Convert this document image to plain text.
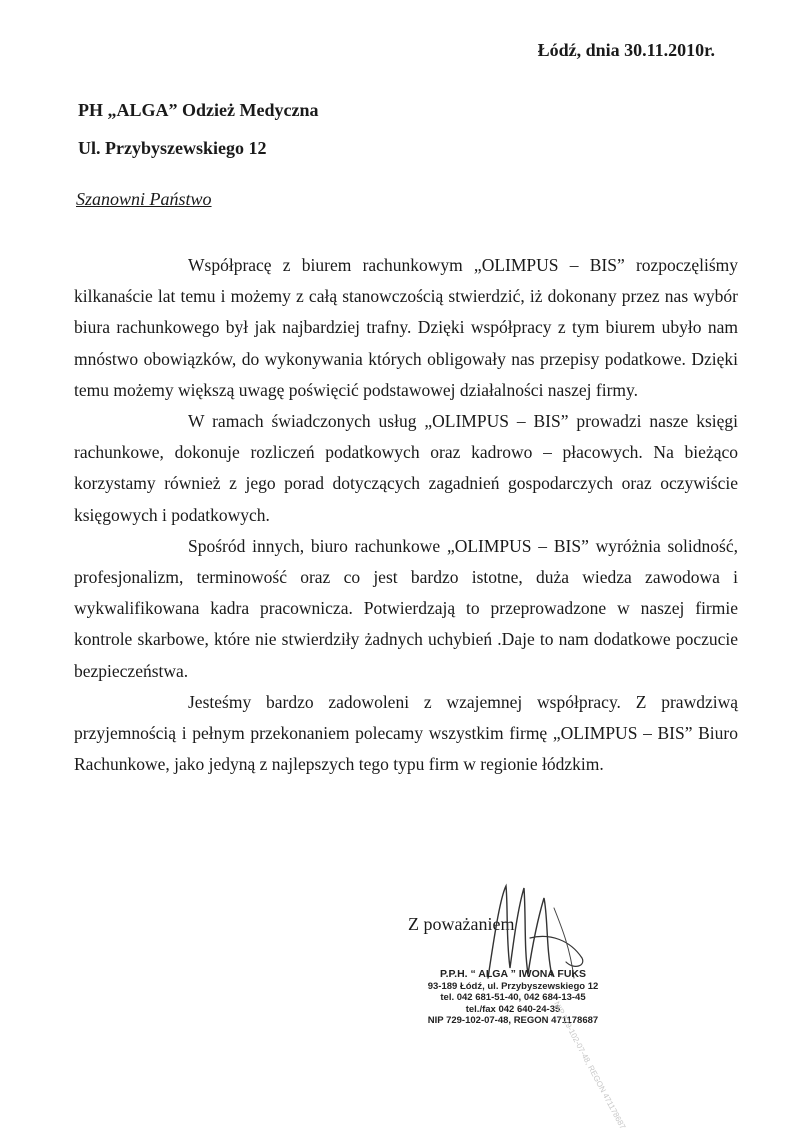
Łódź, dnia 30.11.2010r.
PH „ALGA” Odzież Medyczna
Ul. Przybyszewskiego 12
Szanowni Państwo

Współpracę z biurem rachunkowym „OLIMPUS – BIS” rozpoczęliśmy kilkanaście lat temu i możemy z całą stanowczością stwierdzić, iż dokonany przez nas wybór biura rachunkowego był jak najbardziej trafny. Dzięki współpracy z tym biurem ubyło nam mnóstwo obowiązków, do wykonywania których obligowały nas przepisy podatkowe. Dzięki temu możemy większą uwagę poświęcić podstawowej działalności naszej firmy.

W ramach świadczonych usług „OLIMPUS – BIS” prowadzi nasze księgi rachunkowe, dokonuje rozliczeń podatkowych oraz kadrowo – płacowych. Na bieżąco korzystamy również z jego porad dotyczących zagadnień gospodarczych oraz oczywiście księgowych i podatkowych.

Spośród innych, biuro rachunkowe „OLIMPUS – BIS” wyróżnia solidność, profesjonalizm, terminowość oraz co jest bardzo istotne, duża wiedza zawodowa i wykwalifikowana kadra pracownicza. Potwierdzają to przeprowadzone w naszej firmie kontrole skarbowe, które nie stwierdziły żadnych uchybień .Daje to nam dodatkowe poczucie bezpieczeństwa.

Jesteśmy bardzo zadowoleni z wzajemnej współpracy. Z prawdziwą przyjemnością i pełnym przekonaniem polecamy wszystkim firmę „OLIMPUS – BIS” Biuro Rachunkowe, jako jedyną z najlepszych tego typu firm w regionie łódzkim.

Z poważaniem
P.P.H. “ ALGA ” IWONA FUKS
93-189 Łódź, ul. Przybyszewskiego 12
tel. 042 681-51-40, 042 684-13-45
tel./fax 042 640-24-35
NIP 729-102-07-48, REGON 471178687
NIP 729-102-07-48, REGON 471178687
